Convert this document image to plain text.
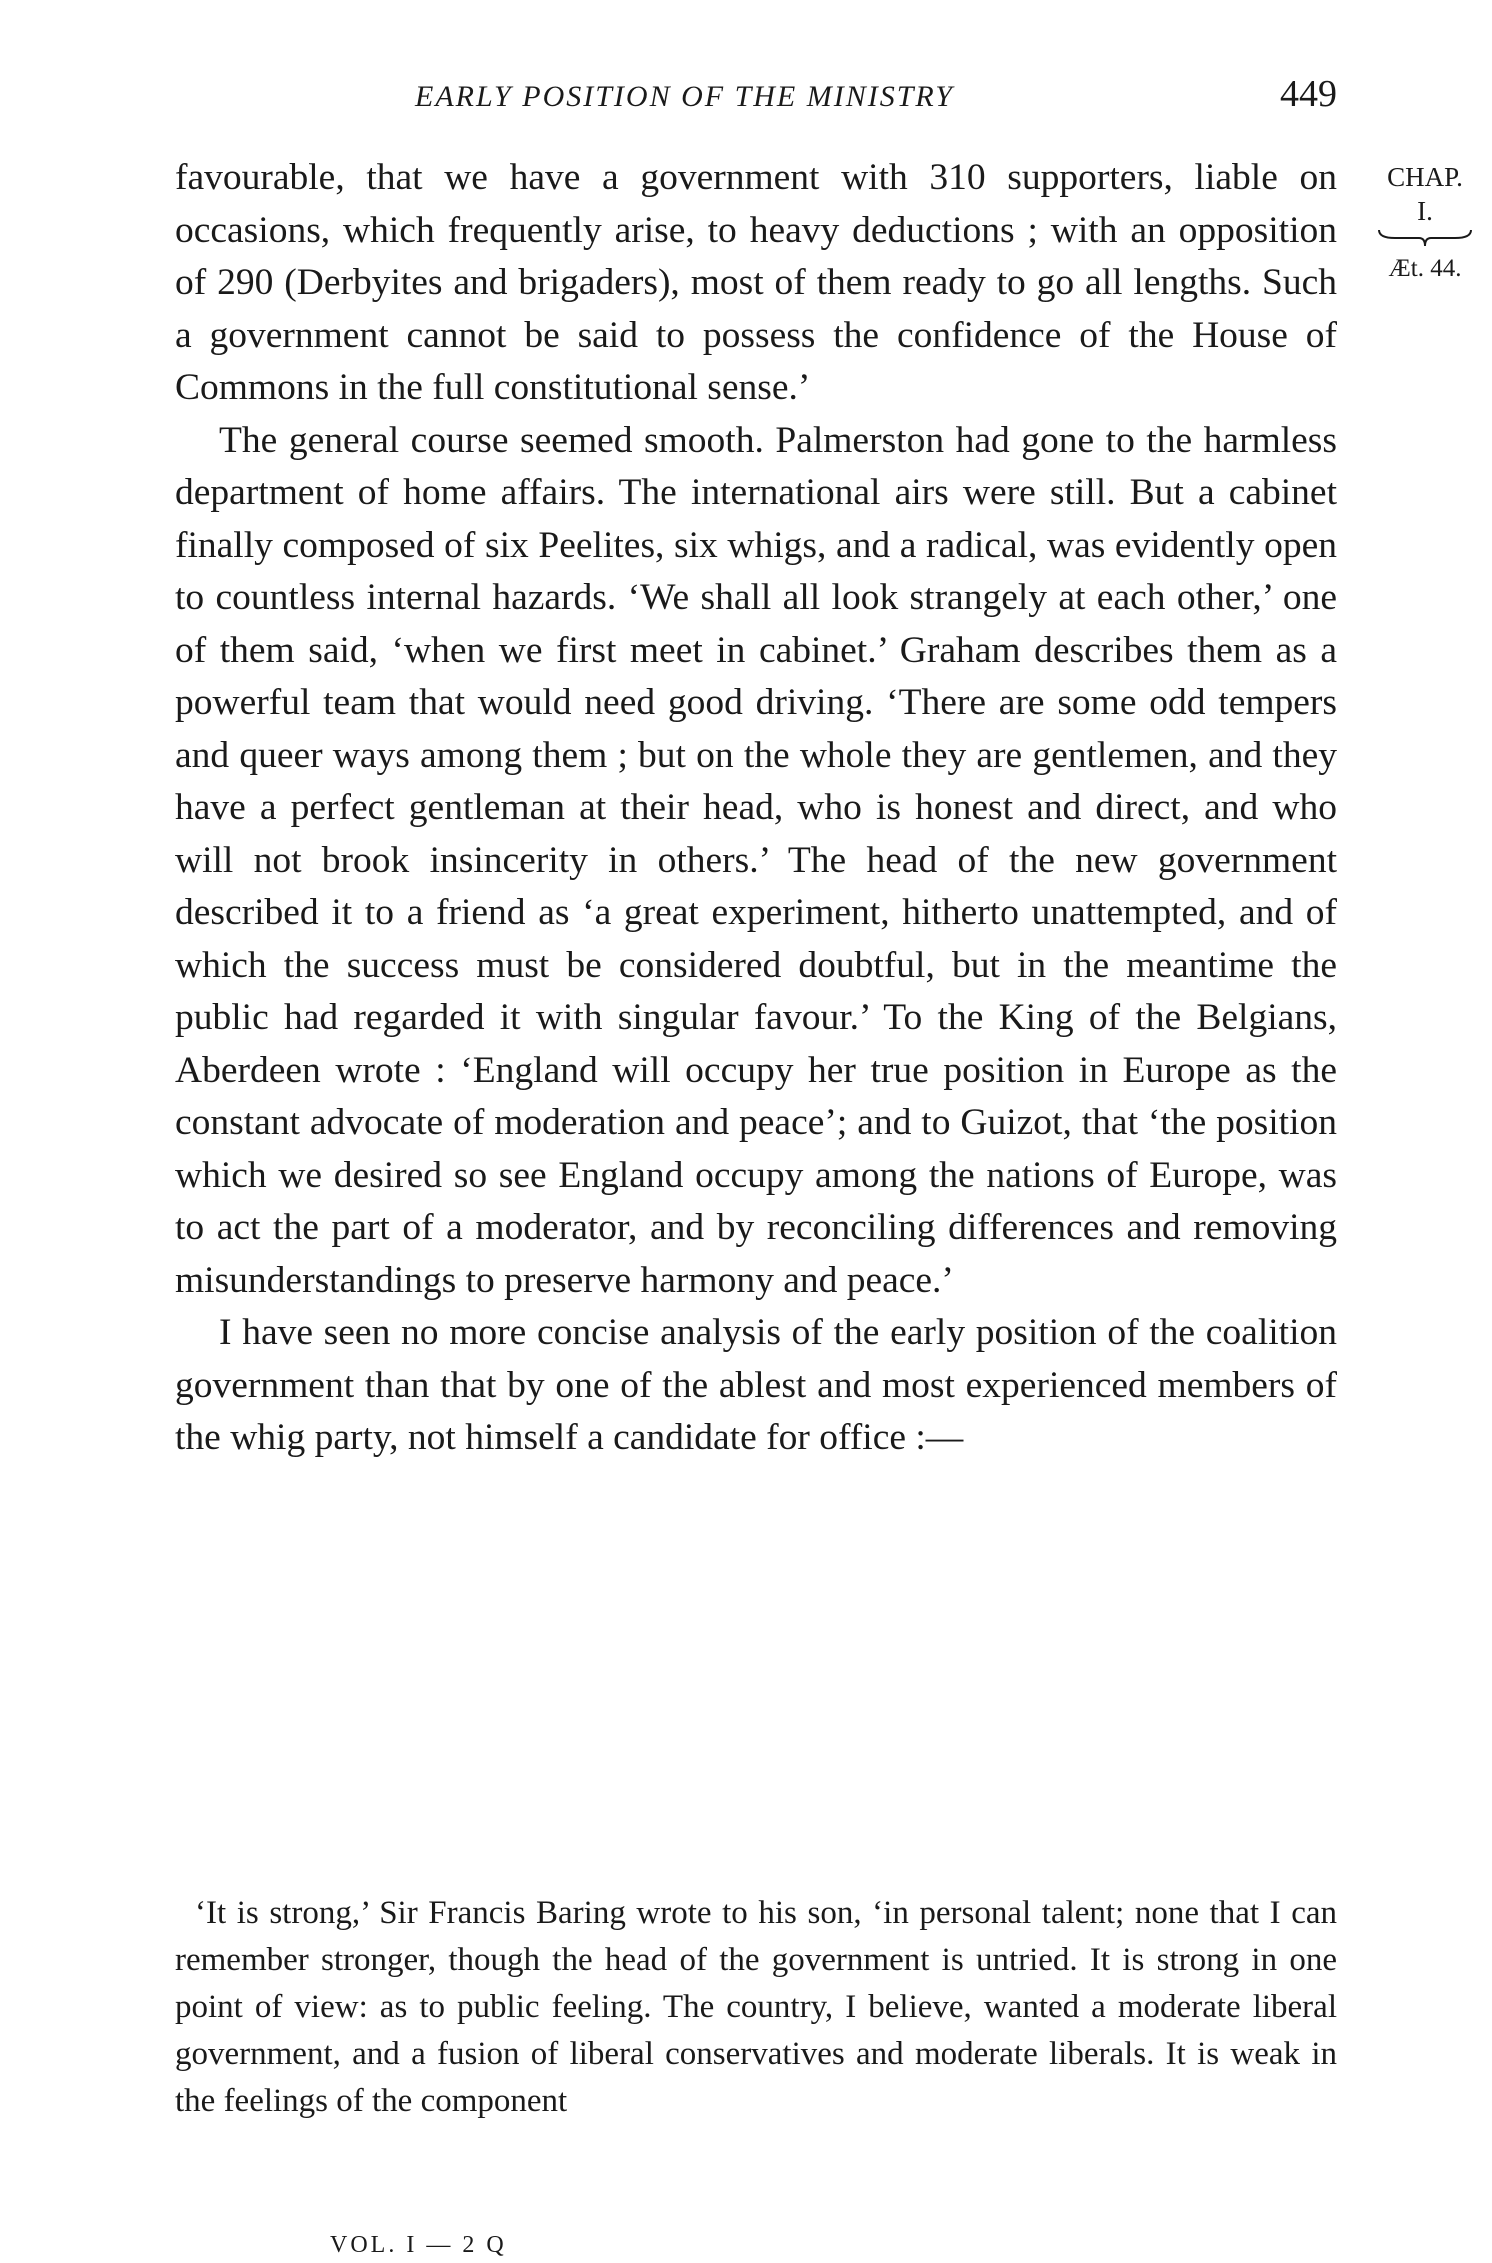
EARLY POSITION OF THE MINISTRY	449
CHAP.
I.
Æt. 44.

favourable, that we have a government with 310 supporters, liable on occasions, which frequently arise, to heavy deductions ; with an opposition of 290 (Derbyites and brigaders), most of them ready to go all lengths. Such a government cannot be said to possess the confidence of the House of Commons in the full constitutional sense.’

The general course seemed smooth. Palmerston had gone to the harmless department of home affairs. The international airs were still. But a cabinet finally composed of six Peelites, six whigs, and a radical, was evidently open to countless internal hazards. ‘We shall all look strangely at each other,’ one of them said, ‘when we first meet in cabinet.’ Graham describes them as a powerful team that would need good driving. ‘There are some odd tempers and queer ways among them ; but on the whole they are gentlemen, and they have a perfect gentleman at their head, who is honest and direct, and who will not brook insincerity in others.’ The head of the new government described it to a friend as ‘a great experiment, hitherto unattempted, and of which the success must be considered doubtful, but in the meantime the public had regarded it with singular favour.’ To the King of the Belgians, Aberdeen wrote : ‘England will occupy her true position in Europe as the constant advocate of moderation and peace’; and to Guizot, that ‘the position which we desired so see England occupy among the nations of Europe, was to act the part of a moderator, and by reconciling differences and removing misunderstandings to preserve harmony and peace.’

I have seen no more concise analysis of the early position of the coalition government than that by one of the ablest and most experienced members of the whig party, not himself a candidate for office :—

‘It is strong,’ Sir Francis Baring wrote to his son, ‘in personal talent; none that I can remember stronger, though the head of the government is untried. It is strong in one point of view: as to public feeling. The country, I believe, wanted a moderate liberal government, and a fusion of liberal conservatives and moderate liberals. It is weak in the feelings of the component

VOL. I — 2 Q
